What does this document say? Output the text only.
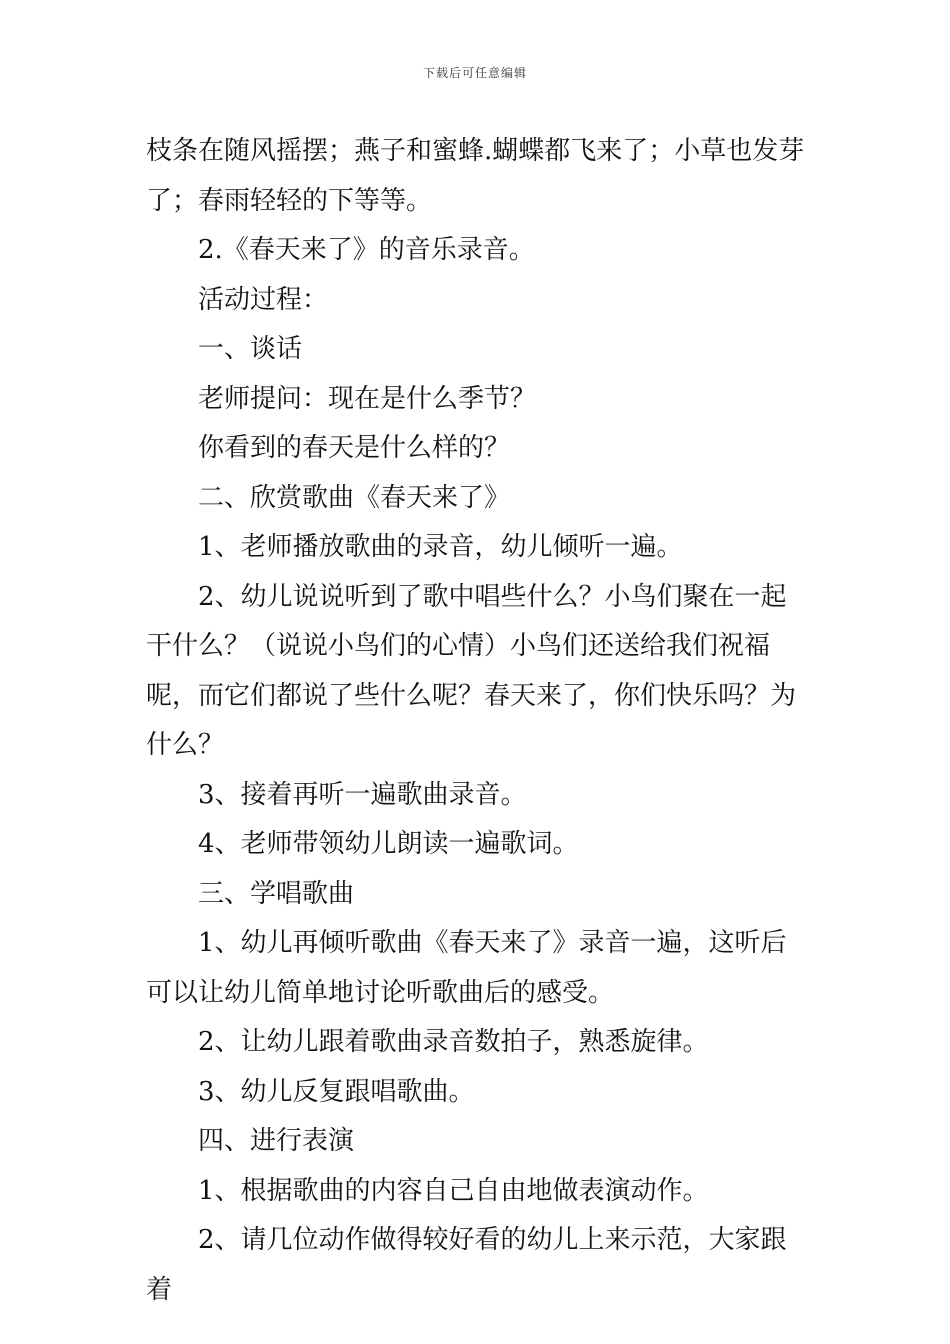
下载后可任意编辑

枝条在随风摇摆；燕子和蜜蜂.蝴蝶都飞来了；小草也发芽了；春雨轻轻的下等等。

2.《春天来了》的音乐录音。

活动过程：

一、谈话

老师提问：现在是什么季节？

你看到的春天是什么样的？

二、欣赏歌曲《春天来了》

1、老师播放歌曲的录音，幼儿倾听一遍。

2、幼儿说说听到了歌中唱些什么？小鸟们聚在一起干什么？（说说小鸟们的心情）小鸟们还送给我们祝福呢，而它们都说了些什么呢？春天来了，你们快乐吗？为什么？

3、接着再听一遍歌曲录音。

4、老师带领幼儿朗读一遍歌词。

三、学唱歌曲

1、幼儿再倾听歌曲《春天来了》录音一遍，这听后可以让幼儿简单地讨论听歌曲后的感受。

2、让幼儿跟着歌曲录音数拍子，熟悉旋律。

3、幼儿反复跟唱歌曲。

四、进行表演

1、根据歌曲的内容自己自由地做表演动作。

2、请几位动作做得较好看的幼儿上来示范，大家跟着
